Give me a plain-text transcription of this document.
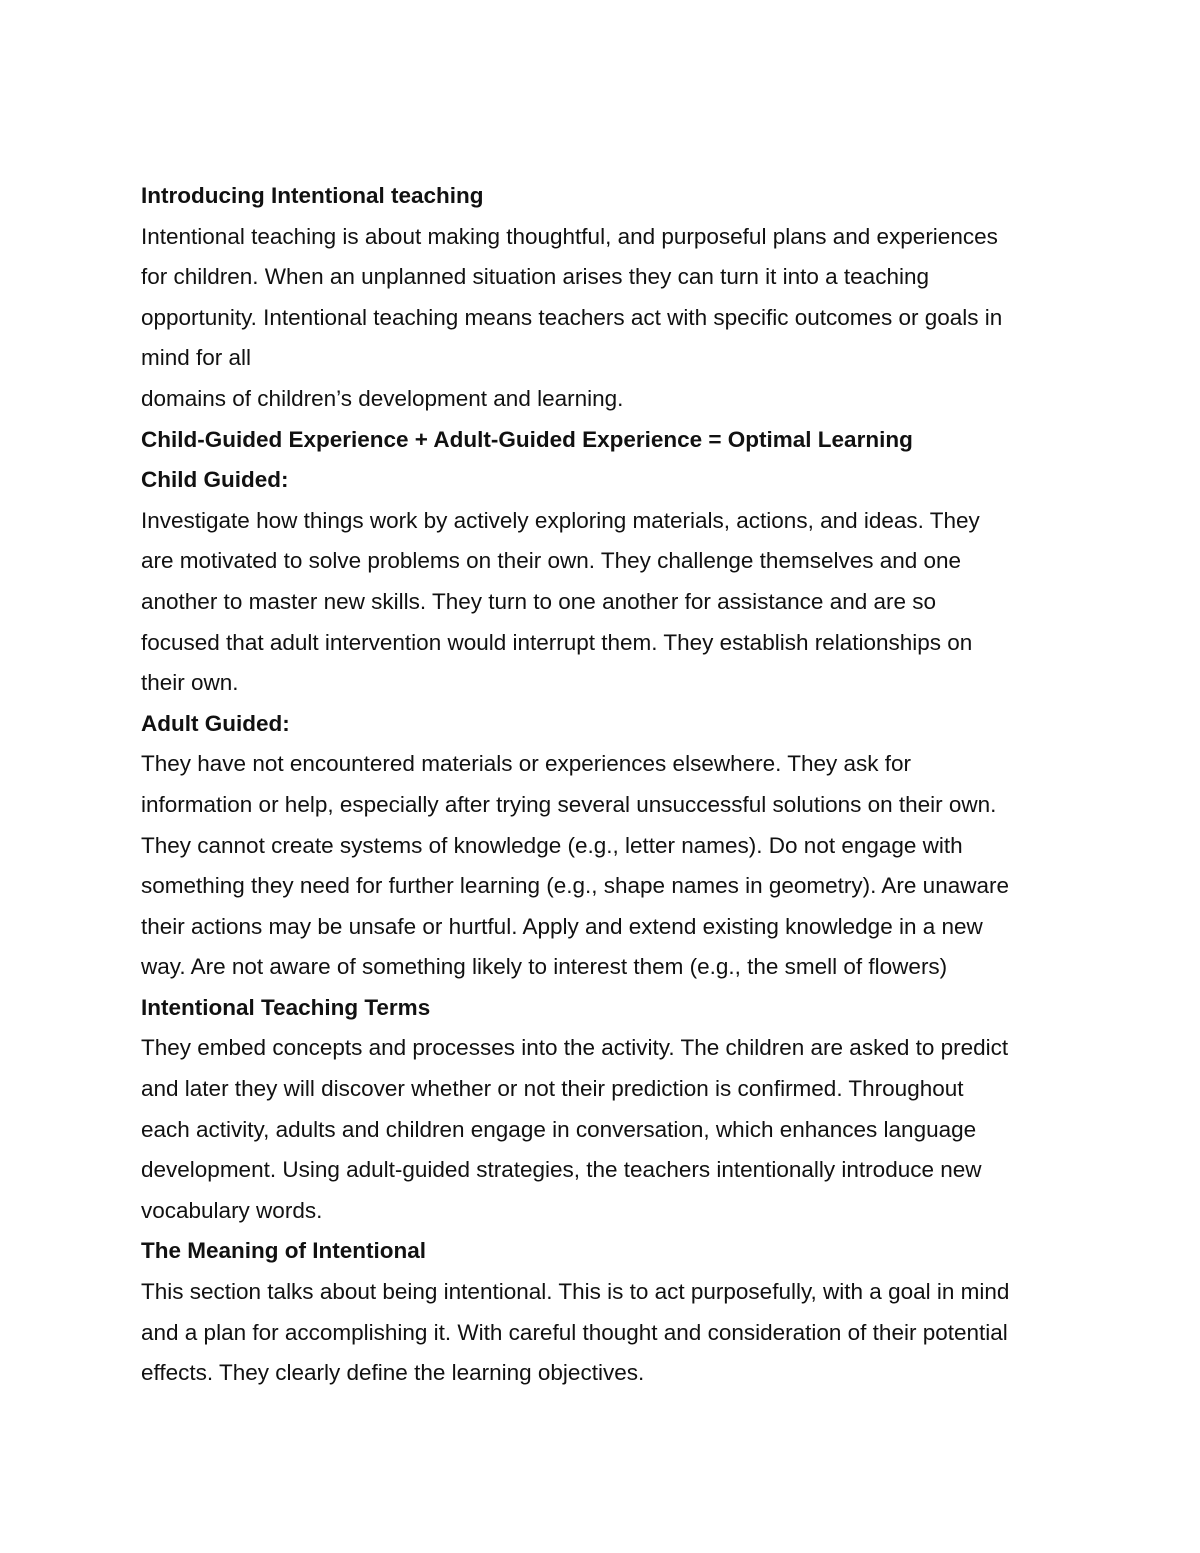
Introducing Intentional teaching
Intentional teaching is about making thoughtful, and purposeful plans and experiences
for children. When an unplanned situation arises they can turn it into a teaching
opportunity. Intentional teaching means teachers act with specific outcomes or goals in
mind for all
domains of children’s development and learning.
Child-Guided Experience + Adult-Guided Experience = Optimal Learning
Child Guided:
Investigate how things work by actively exploring materials, actions, and ideas. They
are motivated to solve problems on their own. They challenge themselves and one
another to master new skills. They turn to one another for assistance and are so
focused that adult intervention would interrupt them. They establish relationships on
their own.
Adult Guided:
They have not encountered materials or experiences elsewhere. They ask for
information or help, especially after trying several unsuccessful solutions on their own.
They cannot create systems of knowledge (e.g., letter names). Do not engage with
something they need for further learning (e.g., shape names in geometry). Are unaware
their actions may be unsafe or hurtful. Apply and extend existing knowledge in a new
way. Are not aware of something likely to interest them (e.g., the smell of flowers)
Intentional Teaching Terms
They embed concepts and processes into the activity. The children are asked to predict
and later they will discover whether or not their prediction is confirmed. Throughout
each activity, adults and children engage in conversation, which enhances language
development. Using adult-guided strategies, the teachers intentionally introduce new
vocabulary words.
The Meaning of Intentional
This section talks about being intentional. This is to act purposefully, with a goal in mind
and a plan for accomplishing it. With careful thought and consideration of their potential
effects. They clearly define the learning objectives.
